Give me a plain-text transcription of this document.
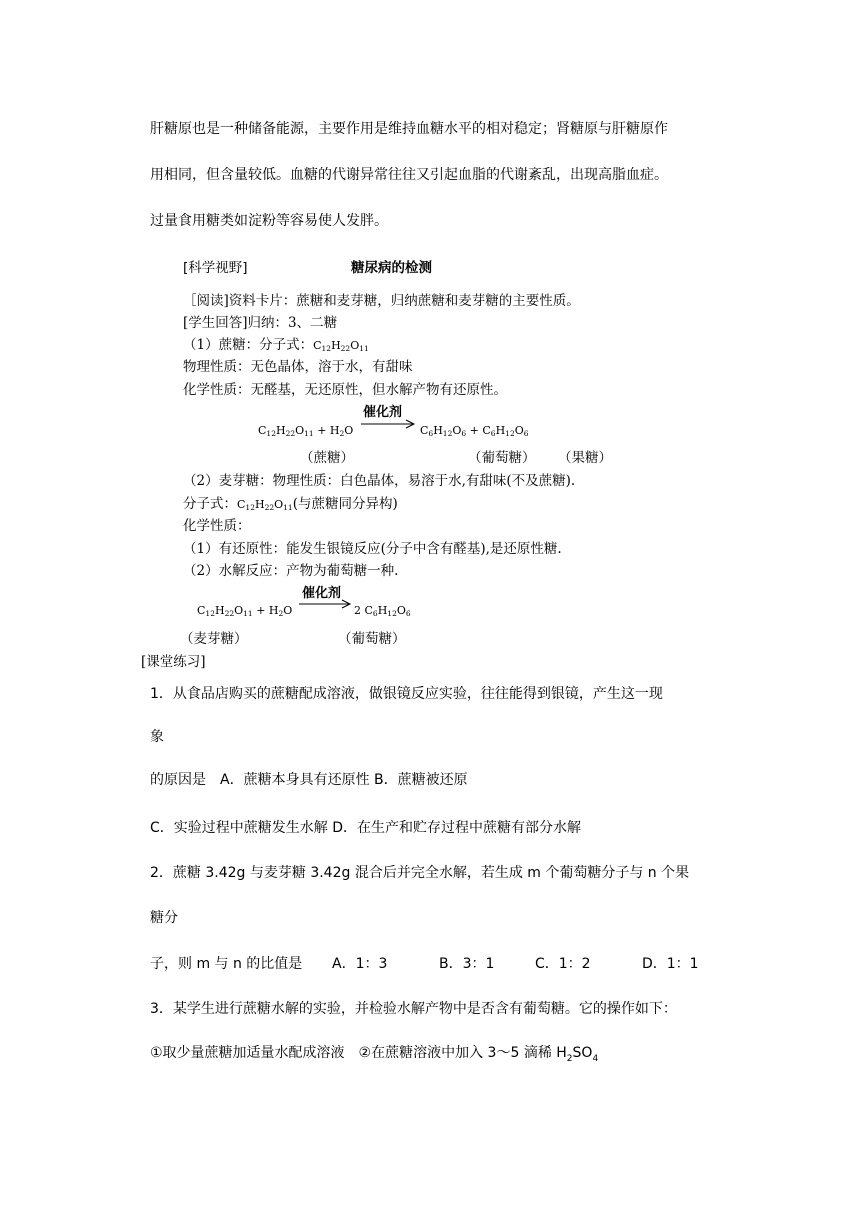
肝糖原也是一种储备能源，主要作用是维持血糖水平的相对稳定；肾糖原与肝糖原作
用相同，但含量较低。血糖的代谢异常往往又引起血脂的代谢紊乱，出现高脂血症。
过量食用糖类如淀粉等容易使人发胖。
[科学视野]	糖尿病的检测
［阅读]资料卡片：蔗糖和麦芽糖，归纳蔗糖和麦芽糖的主要性质。
[学生回答]归纳：3、二糖
（1）蔗糖：分子式：$C_{12}H_{22}O_{11}$
物理性质：无色晶体，溶于水，有甜味
化学性质：无醛基，无还原性，但水解产物有还原性。
催化剂
$C_{12}H_{22}O_{11} + H_2O \to C_6H_{12}O_6 + C_6H_{12}O_6$
（蔗糖）	（葡萄糖） （果糖）
（2）麦芽糖：物理性质：白色晶体，易溶于水,有甜味(不及蔗糖).
分子式：$C_{12}H_{22}O_{11}$(与蔗糖同分异构)
化学性质：
（1）有还原性：能发生银镜反应(分子中含有醛基),是还原性糖.
（2）水解反应：产物为葡萄糖一种.
催化剂
$C_{12}H_{22}O_{11} + H_2O \to 2$ $C_6H_{12}O_6$
（麦芽糖）	（葡萄糖）
[课堂练习]
1．从食品店购买的蔗糖配成溶液，做银镜反应实验，往往能得到银镜，产生这一现
象
的原因是　A．蔗糖本身具有还原性 B．蔗糖被还原
C．实验过程中蔗糖发生水解 D．在生产和贮存过程中蔗糖有部分水解
2．蔗糖 3.42g 与麦芽糖 3.42g 混合后并完全水解，若生成 m 个葡萄糖分子与 n 个果
糖分
子，则 m 与 n 的比值是 A．1：3	B．3：1	C．1：2	D．1：1
3．某学生进行蔗糖水解的实验，并检验水解产物中是否含有葡萄糖。它的操作如下：
①取少量蔗糖加适量水配成溶液　②在蔗糖溶液中加入 3～5 滴稀 $H_2SO_4$
